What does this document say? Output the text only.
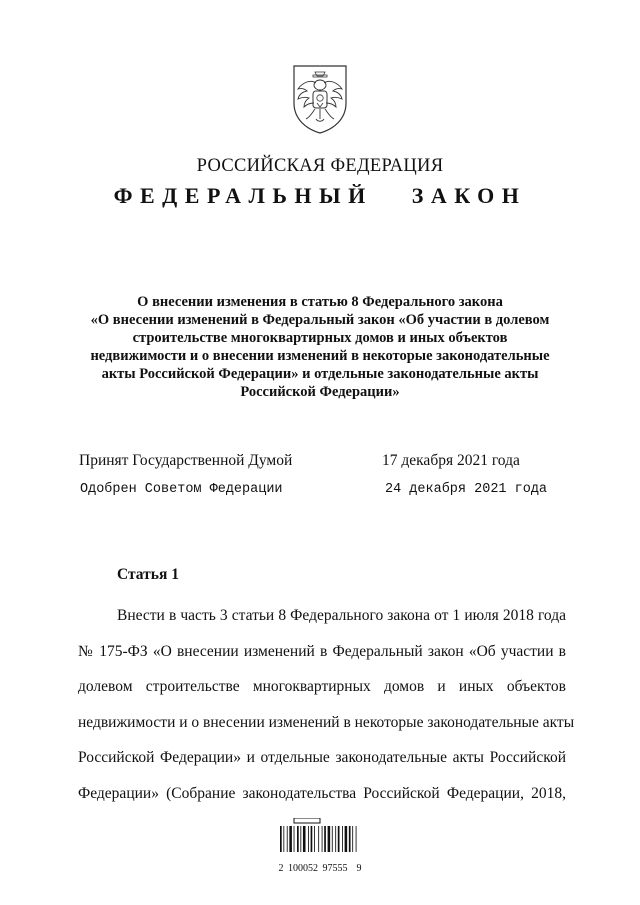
РОССИЙСКАЯ ФЕДЕРАЦИЯ
ФЕДЕРАЛЬНЫЙ   ЗАКОН
О внесении изменения в статью 8 Федерального закона
«О внесении изменений в Федеральный закон «Об участии в долевом
строительстве многоквартирных домов и иных объектов
недвижимости и о внесении изменений в некоторые законодательные
акты Российской Федерации» и отдельные законодательные акты
Российской Федерации»
Принят Государственной Думой	17 декабря 2021 года
Одобрен Советом Федерации	24 декабря 2021 года
Статья 1
Внести в часть 3 статьи 8 Федерального закона от 1 июля 2018 года
№ 175-ФЗ «О внесении изменений в Федеральный закон «Об участии в
долевом строительстве многоквартирных домов и иных объектов
недвижимости и о внесении изменений в некоторые законодательные акты
Российской Федерации» и отдельные законодательные акты Российской
Федерации» (Собрание законодательства Российской Федерации, 2018,
2 100052 97555  9
